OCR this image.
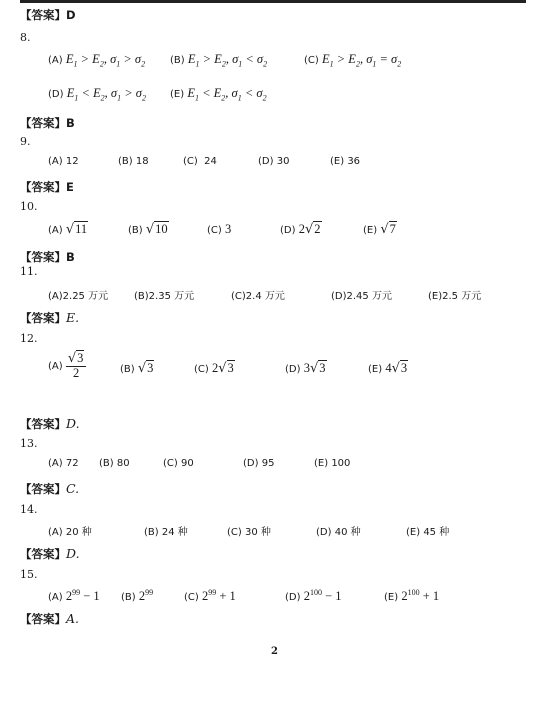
【答案】D
8.
(A) $E_1 > E_2$, $\sigma_1 > \sigma_2$ (B) $E_1 > E_2$, $\sigma_1 < \sigma_2$	(C) $E_1 > E_2$, $\sigma_1 = \sigma_2$
(D) $E_1 < E_2$, $\sigma_1 > \sigma_2$ (E) $E_1 < E_2$, $\sigma_1 < \sigma_2$
【答案】B
9.
(A) 12	(B) 18	(C) 24	(D) 30	(E) 36
【答案】E
10.
(A) √11	(B) √10	(C) 3	(D) 2√2	(E) √7
【答案】B
11.
(A)2.25 万元	(B)2.35 万元	(C)2.4 万元	(D)2.45 万元	(E)2.5 万元
【答案】E.
12.
$(A) \frac{√3}{2}$	(B) √3	(C) 2√3	(D) 3√3	(E) 4√3
【答案】D.
13.
(A) 72 (B) 80	(C) 90	(D) 95	(E) 100
【答案】C.
14.
(A) 20 种	(B) 24 种	(C) 30 种	(D) 40 种	(E) 45 种
【答案】D.
15.
(A) $2^{99} - 1$ (B) $2^{99}$	(C) $2^{99} + 1$	(D) $2^{100} - 1$	(E) $2^{100} + 1$
【答案】A.
2
